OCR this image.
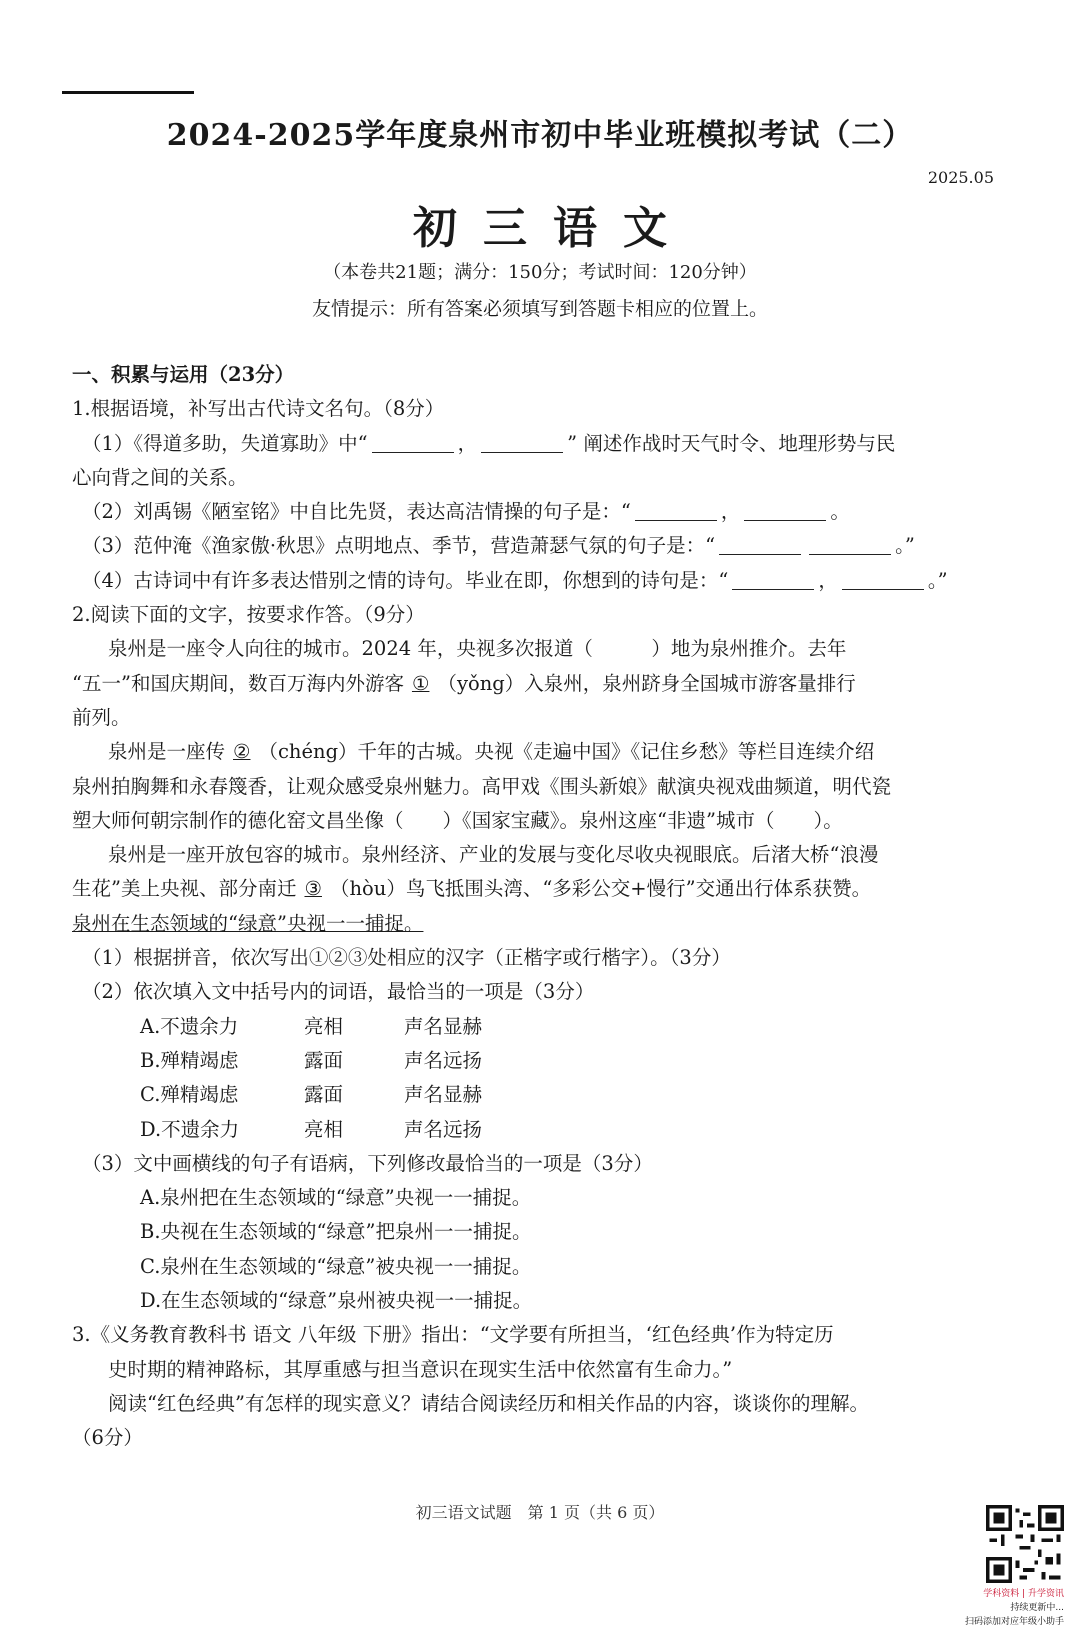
2024-2025学年度泉州市初中毕业班模拟考试（二）
2025.05
初三语文
（本卷共21题；满分：150分；考试时间：120分钟）
友情提示：所有答案必须填写到答题卡相应的位置上。
一、积累与运用（23分）
1.根据语境，补写出古代诗文名句。（8分）
（1）《得道多助，失道寡助》中“	，	” 阐述作战时天气时令、地理形势与民
心向背之间的关系。
（2）刘禹锡《陋室铭》中自比先贤，表达高洁情操的句子是：“	，	。
（3）范仲淹《渔家傲·秋思》点明地点、季节，营造萧瑟气氛的句子是：“	。”
（4）古诗词中有许多表达惜别之情的诗句。毕业在即，你想到的诗句是：“	，	。”
2.阅读下面的文字，按要求作答。（9分）
泉州是一座令人向往的城市。2024 年，央视多次报道（　　　）地为泉州推介。去年
“五一”和国庆期间，数百万海内外游客 ① （yǒng）入泉州，泉州跻身全国城市游客量排行
前列。
泉州是一座传 ② （chéng）千年的古城。央视《走遍中国》《记住乡愁》等栏目连续介绍
泉州拍胸舞和永春篾香，让观众感受泉州魅力。高甲戏《围头新娘》献演央视戏曲频道，明代瓷
塑大师何朝宗制作的德化窑文昌坐像（　　）《国家宝藏》。泉州这座“非遗”城市（　　）。
泉州是一座开放包容的城市。泉州经济、产业的发展与变化尽收央视眼底。后渚大桥“浪漫
生花”美上央视、部分南迁 ③ （hòu）鸟飞抵围头湾、“多彩公交+慢行”交通出行体系获赞。
泉州在生态领域的“绿意”央视一一捕捉。
（1）根据拼音，依次写出①②③处相应的汉字（正楷字或行楷字）。（3分）
（2）依次填入文中括号内的词语，最恰当的一项是（3分）
A.不遗余力	亮相	声名显赫
B.殚精竭虑	露面	声名远扬
C.殚精竭虑	露面	声名显赫
D.不遗余力	亮相	声名远扬
（3）文中画横线的句子有语病，下列修改最恰当的一项是（3分）
A.泉州把在生态领域的“绿意”央视一一捕捉。
B.央视在生态领域的“绿意”把泉州一一捕捉。
C.泉州在生态领域的“绿意”被央视一一捕捉。
D.在生态领域的“绿意”泉州被央视一一捕捉。
3.《义务教育教科书 语文 八年级 下册》指出：“文学要有所担当，‘红色经典’作为特定历
史时期的精神路标，其厚重感与担当意识在现实生活中依然富有生命力。”
阅读“红色经典”有怎样的现实意义？请结合阅读经历和相关作品的内容，谈谈你的理解。
（6分）
初三语文试题　第 1 页（共 6 页）
学科资料 | 升学资讯
持续更新中...
扫码添加对应年级小助手
